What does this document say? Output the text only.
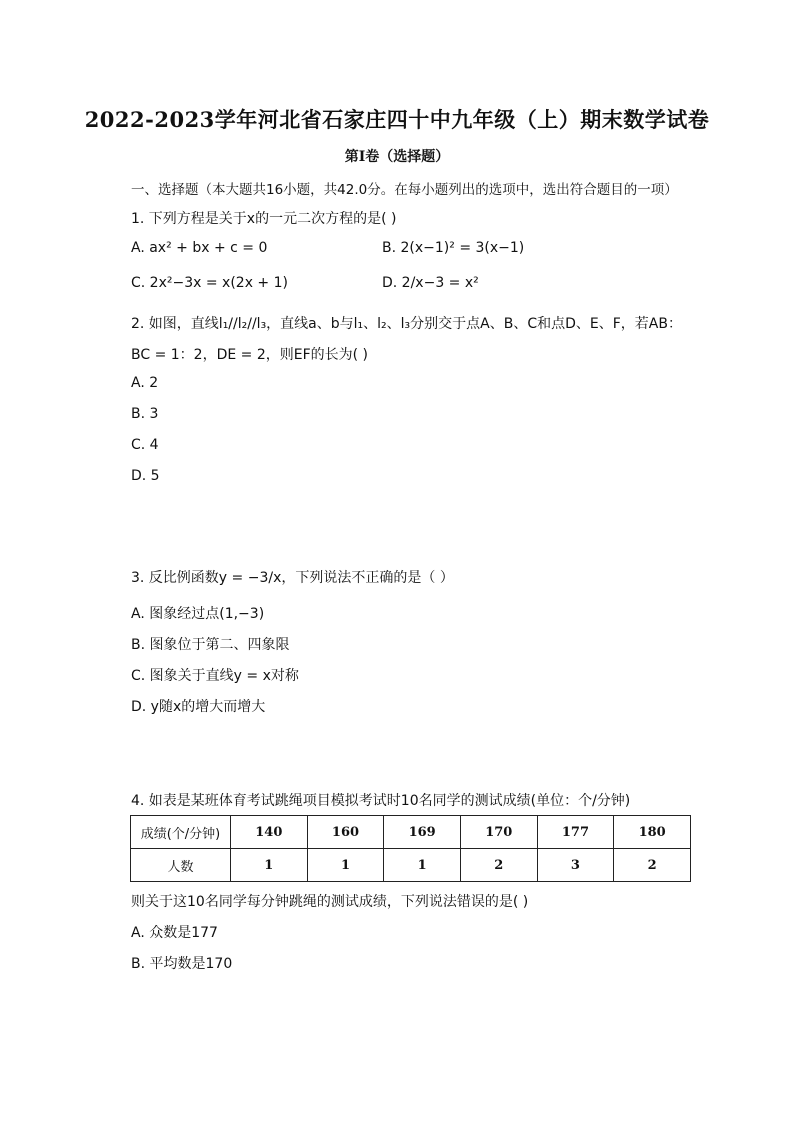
2022-2023学年河北省石家庄四十中九年级（上）期末数学试卷
第I卷（选择题）
一、选择题（本大题共16小题，共42.0分。在每小题列出的选项中，选出符合题目的一项）
1. 下列方程是关于x的一元二次方程的是( )
A. ax² + bx + c = 0	B. 2(x−1)² = 3(x−1)
C. 2x²−3x = x(2x + 1)	D. 2/x−3 = x²
2. 如图，直线l₁//l₂//l₃，直线a、b与l₁、l₂、l₃分别交于点A、B、C和点D、E、F，若AB：
BC = 1：2，DE = 2，则EF的长为( )
A. 2
B. 3
C. 4
D. 5
3. 反比例函数y = −3/x，下列说法不正确的是（ ）
A. 图象经过点(1,−3)
B. 图象位于第二、四象限
C. 图象关于直线y = x对称
D. y随x的增大而增大
4. 如表是某班体育考试跳绳项目模拟考试时10名同学的测试成绩(单位：个/分钟)
成绩(个/分钟)	140	160	169	170	177	180
人数	1	1	1	2	3	2
则关于这10名同学每分钟跳绳的测试成绩，下列说法错误的是( )
A. 众数是177
B. 平均数是170
